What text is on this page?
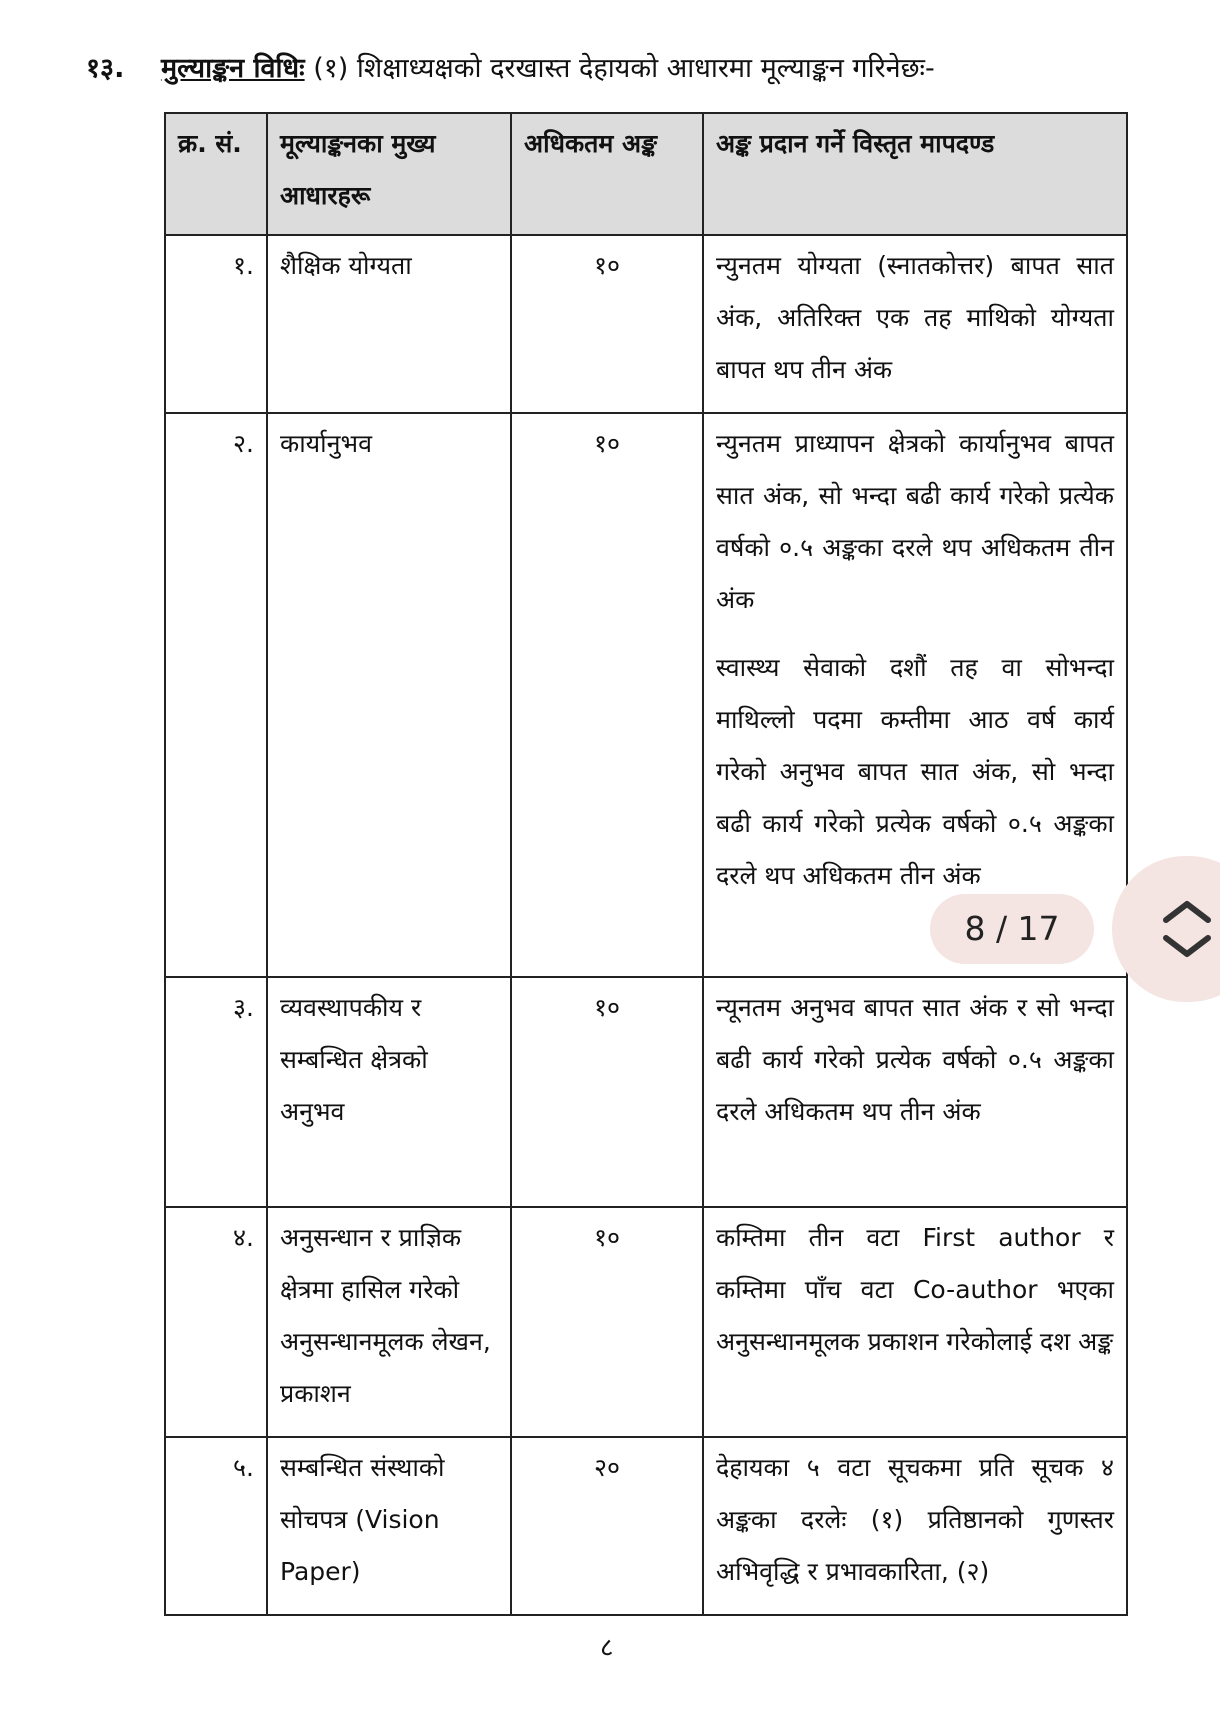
१३. मुल्याङ्कन विधिः (१) शिक्षाध्यक्षको दरखास्त देहायको आधारमा मूल्याङ्कन गरिनेछः-
क्र. सं.	मूल्याङ्कनका मुख्य आधारहरू	अधिकतम अङ्क	अङ्क प्रदान गर्ने विस्तृत मापदण्ड
१.	शैक्षिक योग्यता	१०	न्युनतम योग्यता (स्नातकोत्तर) बापत सात अंक, अतिरिक्त एक तह माथिको योग्यता बापत थप तीन अंक

२.	कार्यानुभव	१०	न्युनतम प्राध्यापन क्षेत्रको कार्यानुभव बापत सात अंक, सो भन्दा बढी कार्य गरेको प्रत्येक वर्षको ०.५ अङ्कका दरले थप अधिकतम तीन अंक

स्वास्थ्य सेवाको दशौं तह वा सोभन्दा माथिल्लो पदमा कम्तीमा आठ वर्ष कार्य गरेको अनुभव बापत सात अंक, सो भन्दा बढी कार्य गरेको प्रत्येक वर्षको ०.५ अङ्कका दरले थप अधिकतम तीन अंक

३.	व्यवस्थापकीय र सम्बन्धित क्षेत्रको अनुभव	१०	न्यूनतम अनुभव बापत सात अंक र सो भन्दा बढी कार्य गरेको प्रत्येक वर्षको ०.५ अङ्कका दरले अधिकतम थप तीन अंक

४.	अनुसन्धान र प्राज्ञिक क्षेत्रमा हासिल गरेको अनुसन्धानमूलक लेखन, प्रकाशन	१०	कम्तिमा तीन वटा First author र कम्तिमा पाँच वटा Co-author भएका अनुसन्धानमूलक प्रकाशन गरेकोलाई दश अङ्क

५.	सम्बन्धित संस्थाको सोचपत्र (Vision Paper)	२०	देहायका ५ वटा सूचकमा प्रति सूचक ४ अङ्कका दरलेः (१) प्रतिष्ठानको गुणस्तर अभिवृद्धि र प्रभावकारिता, (२)

८
8 / 17
